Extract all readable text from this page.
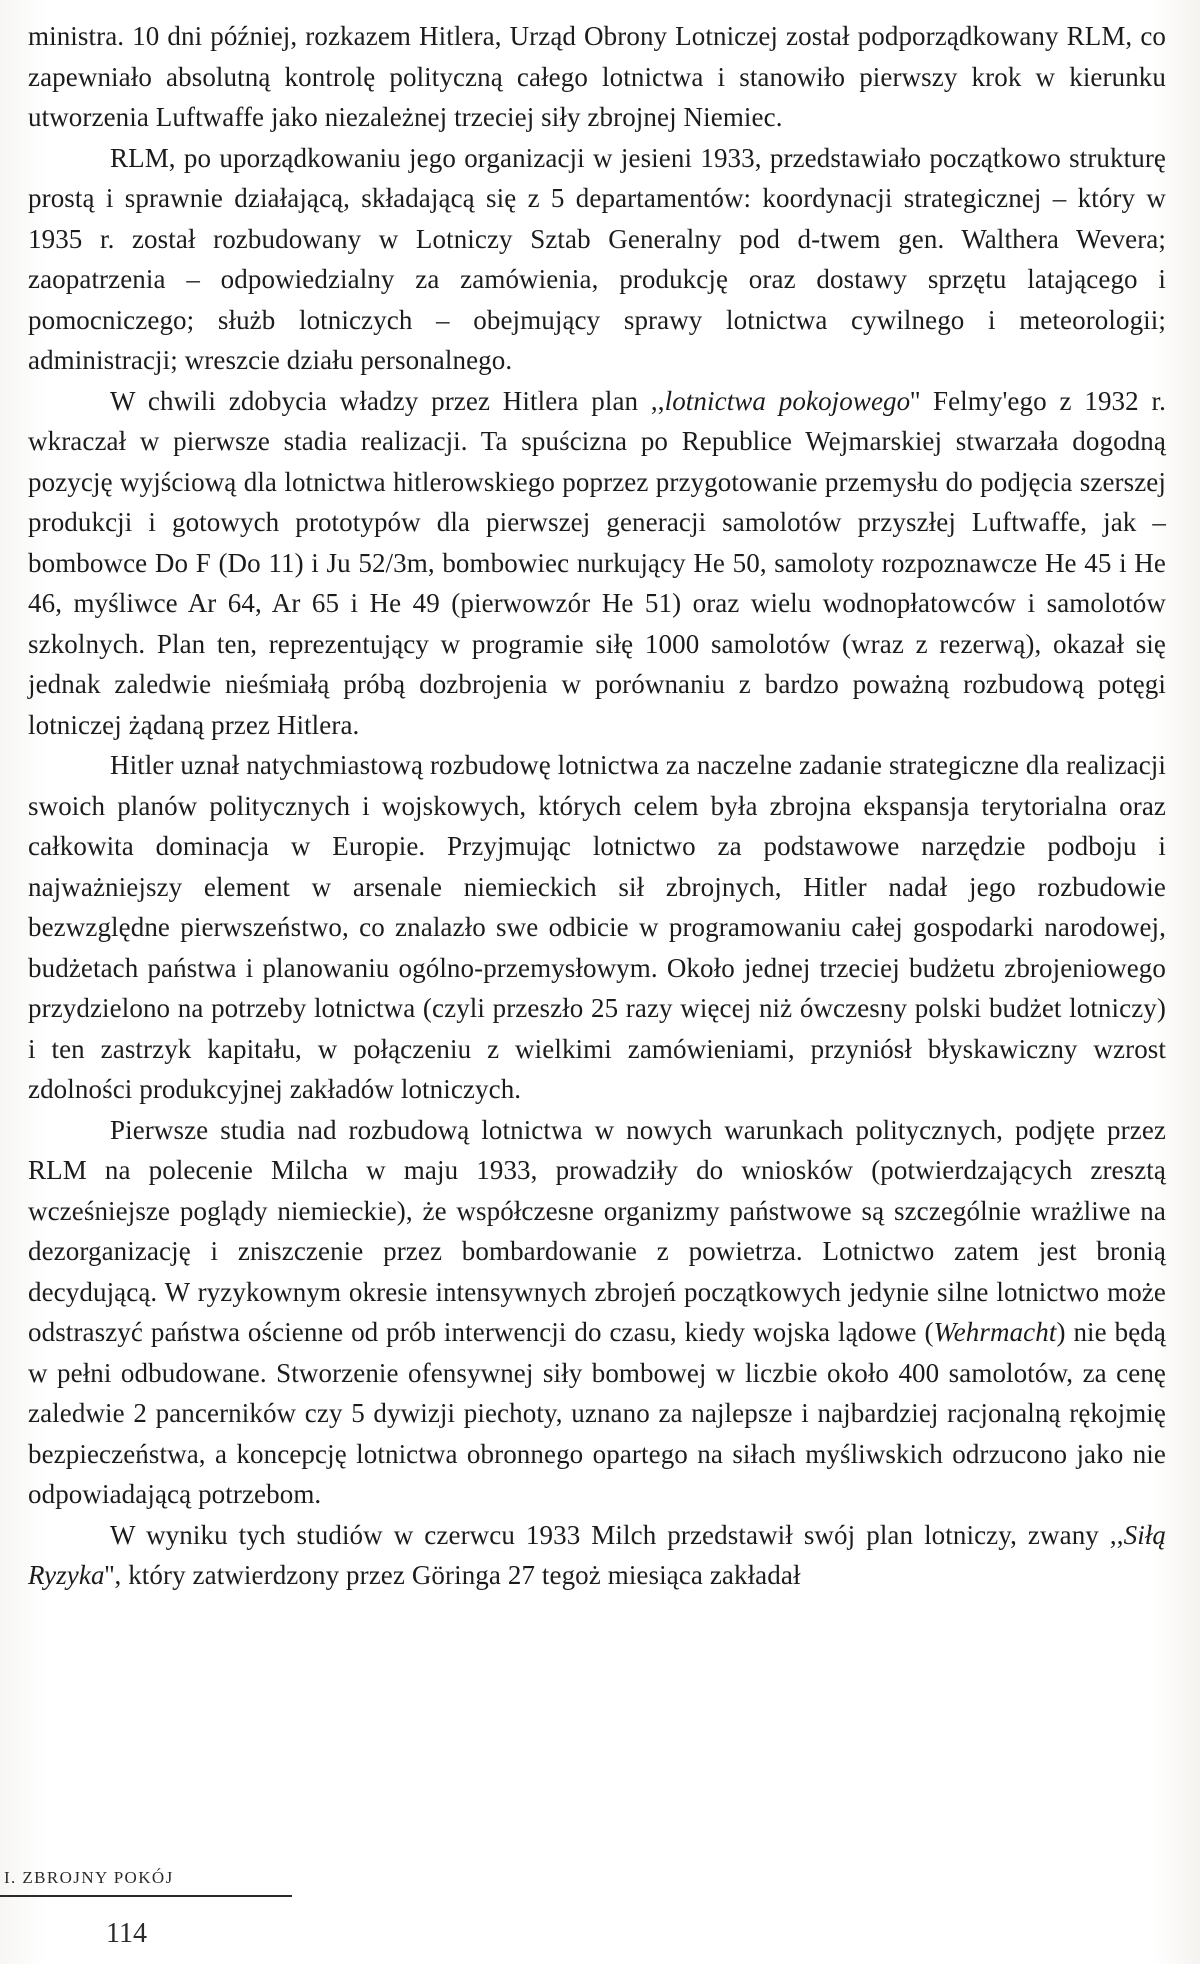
ministra. 10 dni później, rozkazem Hitlera, Urząd Obrony Lotniczej został podporządkowany RLM, co zapewniało absolutną kontrolę polityczną całego lotnictwa i stanowiło pierwszy krok w kierunku utworzenia Luftwaffe jako niezależnej trzeciej siły zbrojnej Niemiec.

RLM, po uporządkowaniu jego organizacji w jesieni 1933, przedstawiało początkowo strukturę prostą i sprawnie działającą, składającą się z 5 departamentów: koordynacji strategicznej – który w 1935 r. został rozbudowany w Lotniczy Sztab Generalny pod d-twem gen. Walthera Wevera; zaopatrzenia – odpowiedzialny za zamówienia, produkcję oraz dostawy sprzętu latającego i pomocniczego; służb lotniczych – obejmujący sprawy lotnictwa cywilnego i meteorologii; administracji; wreszcie działu personalnego.

W chwili zdobycia władzy przez Hitlera plan ,,lotnictwa pokojowego'' Felmy'ego z 1932 r. wkraczał w pierwsze stadia realizacji. Ta spuścizna po Republice Wejmarskiej stwarzała dogodną pozycję wyjściową dla lotnictwa hitlerowskiego poprzez przygotowanie przemysłu do podjęcia szerszej produkcji i gotowych prototypów dla pierwszej generacji samolotów przyszłej Luftwaffe, jak – bombowce Do F (Do 11) i Ju 52/3m, bombowiec nurkujący He 50, samoloty rozpoznawcze He 45 i He 46, myśliwce Ar 64, Ar 65 i He 49 (pierwowzór He 51) oraz wielu wodnopłatowców i samolotów szkolnych. Plan ten, reprezentujący w programie siłę 1000 samolotów (wraz z rezerwą), okazał się jednak zaledwie nieśmiałą próbą dozbrojenia w porównaniu z bardzo poważną rozbudową potęgi lotniczej żądaną przez Hitlera.

Hitler uznał natychmiastową rozbudowę lotnictwa za naczelne zadanie strategiczne dla realizacji swoich planów politycznych i wojskowych, których celem była zbrojna ekspansja terytorialna oraz całkowita dominacja w Europie. Przyjmując lotnictwo za podstawowe narzędzie podboju i najważniejszy element w arsenale niemieckich sił zbrojnych, Hitler nadał jego rozbudowie bezwzględne pierwszeństwo, co znalazło swe odbicie w programowaniu całej gospodarki narodowej, budżetach państwa i planowaniu ogólno-przemysłowym. Około jednej trzeciej budżetu zbrojeniowego przydzielono na potrzeby lotnictwa (czyli przeszło 25 razy więcej niż ówczesny polski budżet lotniczy) i ten zastrzyk kapitału, w połączeniu z wielkimi zamówieniami, przyniósł błyskawiczny wzrost zdolności produkcyjnej zakładów lotniczych.

Pierwsze studia nad rozbudową lotnictwa w nowych warunkach politycznych, podjęte przez RLM na polecenie Milcha w maju 1933, prowadziły do wniosków (potwierdzających zresztą wcześniejsze poglądy niemieckie), że współczesne organizmy państwowe są szczególnie wrażliwe na dezorganizację i zniszczenie przez bombardowanie z powietrza. Lotnictwo zatem jest bronią decydującą. W ryzykownym okresie intensywnych zbrojeń początkowych jedynie silne lotnictwo może odstraszyć państwa ościenne od prób interwencji do czasu, kiedy wojska lądowe (Wehrmacht) nie będą w pełni odbudowane. Stworzenie ofensywnej siły bombowej w liczbie około 400 samolotów, za cenę zaledwie 2 pancerników czy 5 dywizji piechoty, uznano za najlepsze i najbardziej racjonalną rękojmię bezpieczeństwa, a koncepcję lotnictwa obronnego opartego na siłach myśliwskich odrzucono jako nie odpowiadającą potrzebom.

W wyniku tych studiów w czerwcu 1933 Milch przedstawił swój plan lotniczy, zwany ,,Siłą Ryzyka'', który zatwierdzony przez Göringa 27 tegoż miesiąca zakładał

I. ZBROJNY POKÓJ
114
